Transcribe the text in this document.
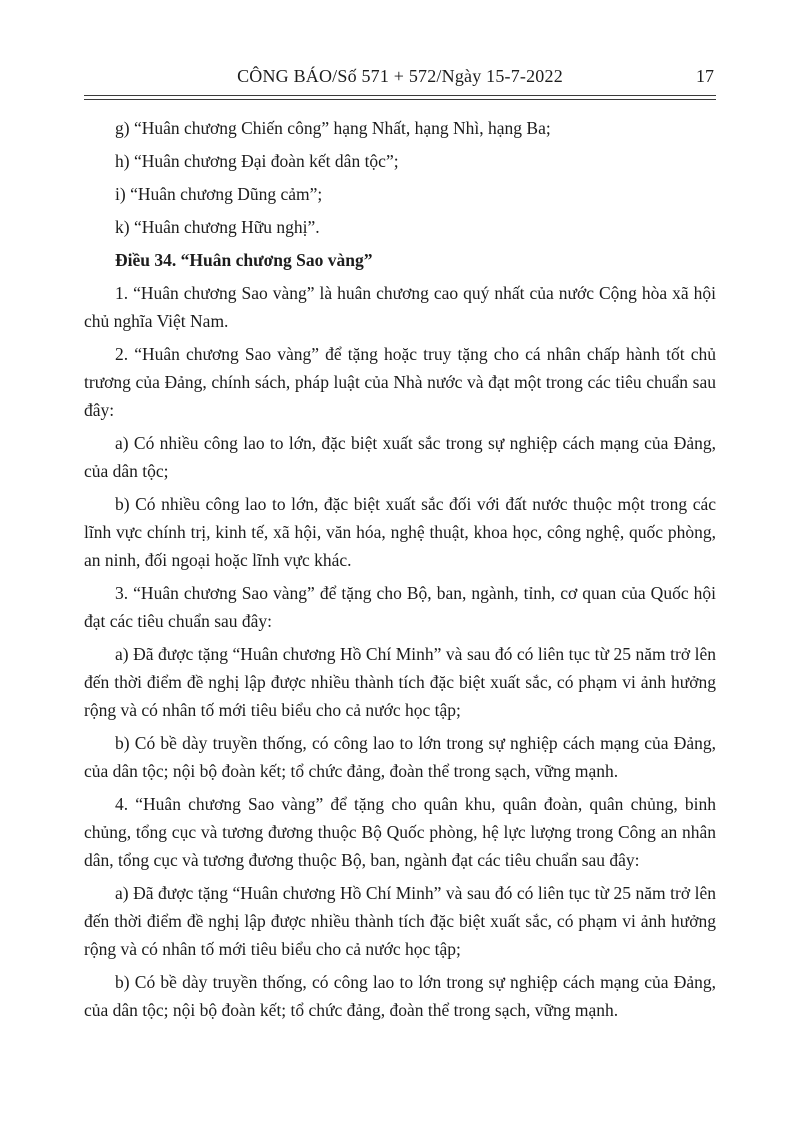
CÔNG BÁO/Số 571 + 572/Ngày 15-7-2022	17

g) “Huân chương Chiến công” hạng Nhất, hạng Nhì, hạng Ba;

h) “Huân chương Đại đoàn kết dân tộc”;

i) “Huân chương Dũng cảm”;

k) “Huân chương Hữu nghị”.

Điều 34. “Huân chương Sao vàng”

1. “Huân chương Sao vàng” là huân chương cao quý nhất của nước Cộng hòa xã hội chủ nghĩa Việt Nam.

2. “Huân chương Sao vàng” để tặng hoặc truy tặng cho cá nhân chấp hành tốt chủ trương của Đảng, chính sách, pháp luật của Nhà nước và đạt một trong các tiêu chuẩn sau đây:

a) Có nhiều công lao to lớn, đặc biệt xuất sắc trong sự nghiệp cách mạng của Đảng, của dân tộc;

b) Có nhiều công lao to lớn, đặc biệt xuất sắc đối với đất nước thuộc một trong các lĩnh vực chính trị, kinh tế, xã hội, văn hóa, nghệ thuật, khoa học, công nghệ, quốc phòng, an ninh, đối ngoại hoặc lĩnh vực khác.

3. “Huân chương Sao vàng” để tặng cho Bộ, ban, ngành, tỉnh, cơ quan của Quốc hội đạt các tiêu chuẩn sau đây:

a) Đã được tặng “Huân chương Hồ Chí Minh” và sau đó có liên tục từ 25 năm trở lên đến thời điểm đề nghị lập được nhiều thành tích đặc biệt xuất sắc, có phạm vi ảnh hưởng rộng và có nhân tố mới tiêu biểu cho cả nước học tập;

b) Có bề dày truyền thống, có công lao to lớn trong sự nghiệp cách mạng của Đảng, của dân tộc; nội bộ đoàn kết; tổ chức đảng, đoàn thể trong sạch, vững mạnh.

4. “Huân chương Sao vàng” để tặng cho quân khu, quân đoàn, quân chủng, binh chủng, tổng cục và tương đương thuộc Bộ Quốc phòng, hệ lực lượng trong Công an nhân dân, tổng cục và tương đương thuộc Bộ, ban, ngành đạt các tiêu chuẩn sau đây:

a) Đã được tặng “Huân chương Hồ Chí Minh” và sau đó có liên tục từ 25 năm trở lên đến thời điểm đề nghị lập được nhiều thành tích đặc biệt xuất sắc, có phạm vi ảnh hưởng rộng và có nhân tố mới tiêu biểu cho cả nước học tập;

b) Có bề dày truyền thống, có công lao to lớn trong sự nghiệp cách mạng của Đảng, của dân tộc; nội bộ đoàn kết; tổ chức đảng, đoàn thể trong sạch, vững mạnh.
